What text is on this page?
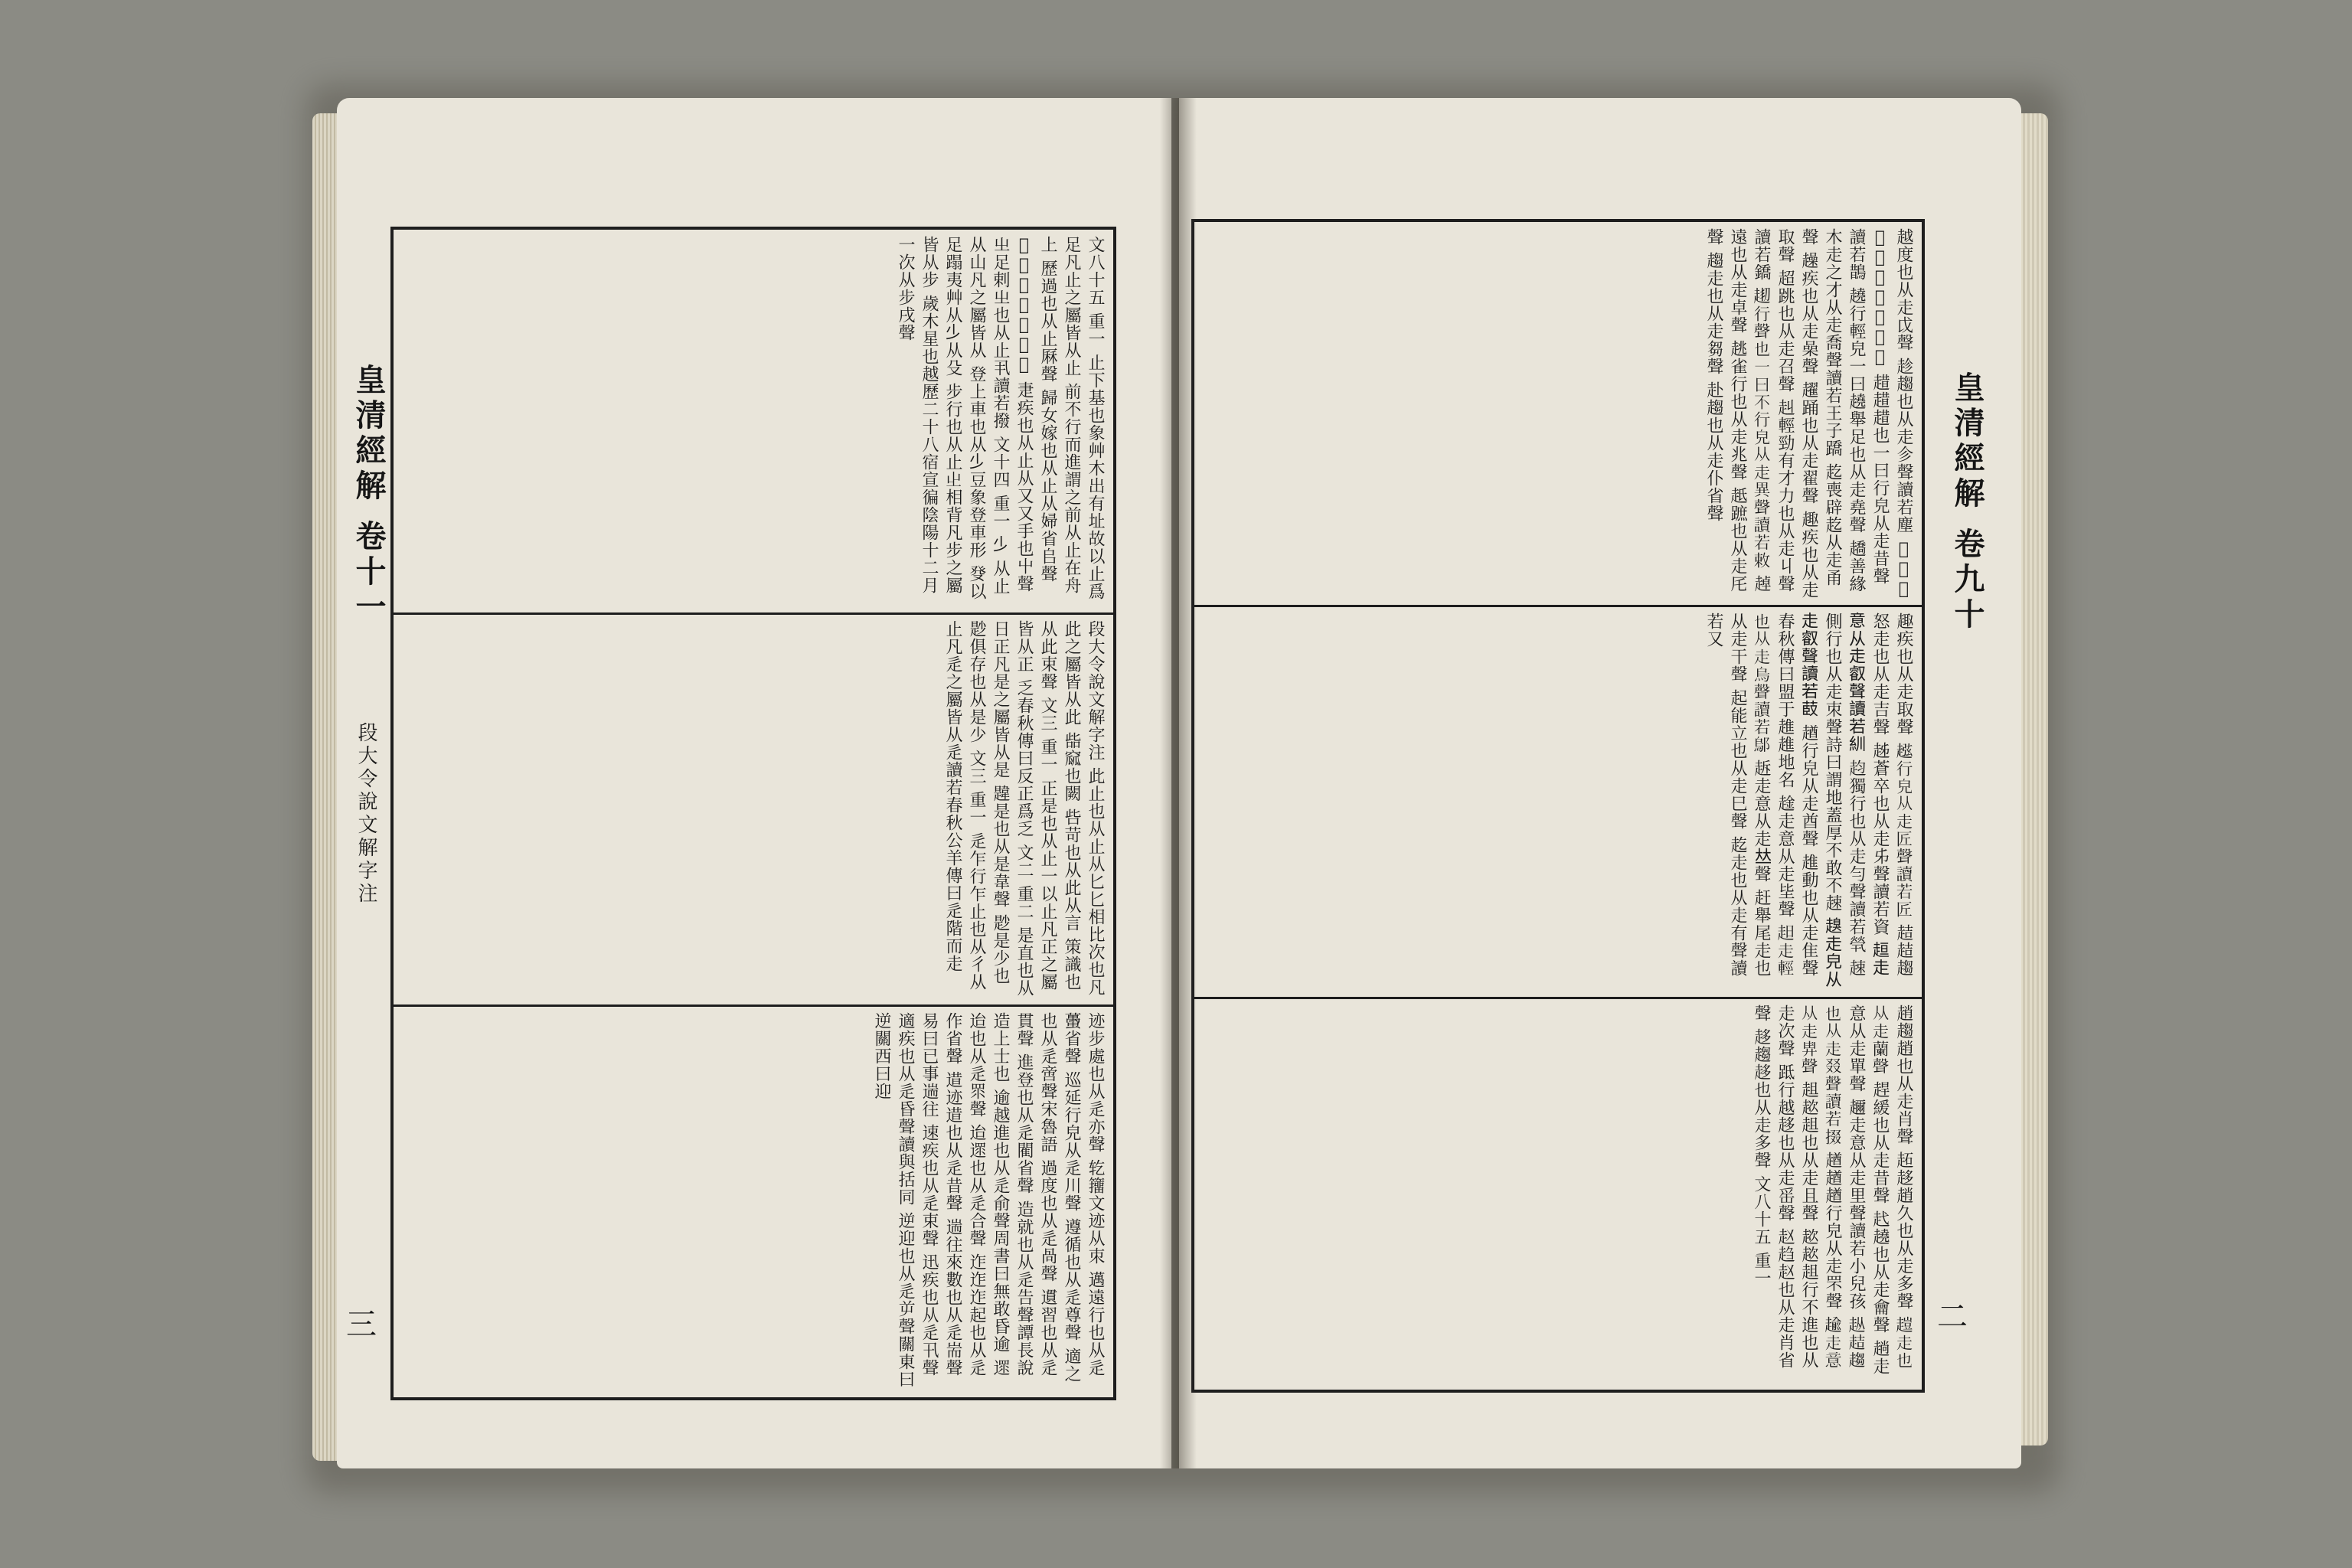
皇清經解 卷十一
段大令說文解字注
三
文八十五 重一 止下基也象艸木出有址故以止爲足凡止之屬皆从止 前不行而進謂之前从止在舟上 歷過也从止厤聲 歸女嫁也从止从婦省𠂤聲 𣥠不滑也从四止 疌疾也从止从又又手也屮聲 㞢足剌㞢也从止丮讀若撥 文十四 重一 𣥂 从止从山凡之屬皆从 登上車也从𣥂豆象登車形 癹以足蹋夷艸从𣥂从殳 步行也从止𡳿相背凡步之屬皆从步 歲木星也越歷二十八宿宣徧陰陽十二月一次从步戌聲
段大令說文解字注 此止也从止从匕匕相比次也凡此之屬皆从此 啙窳也闕 呰苛也从此从言 策識也从此束聲 文三 重一 正是也从止一以止凡正之屬皆从正 乏春秋傳曰反正爲乏 文二 重二 是直也从日正凡是之屬皆从是 韙是也从是韋聲 尟是少也尟俱存也从是少 文三 重一 辵乍行乍止也从彳从止凡辵之屬皆从辵讀若春秋公羊傳曰辵階而走
迹步處也从辵亦聲 䢀籒文迹从朿 邁遠行也从辵蠆省聲 巡延行皃从辵川聲 遵循也从辵尊聲 適之也从辵啻聲宋魯語 過度也从辵咼聲 遦習也从辵貫聲 進登也从辵閵省聲 造就也从辵告聲譚長說造上士也 逾越進也从辵俞聲周書曰無敢昏逾 遝迨也从辵眔聲 迨遝也从辵合聲 迮迮迮起也从辵作省聲 逪迹逪也从辵昔聲 遄往來數也从辵耑聲易曰已事遄往 速疾也从辵束聲 迅疾也从辵卂聲 適疾也从辵昏聲讀與括同 逆迎也从辵屰聲關東曰逆關西曰迎
皇清經解 卷九十
二
越度也从走戉聲 趁趨也从走㐱聲讀若塵 𧺛𧺛田易居也从走亘聲 趞趞趞也一曰行皃从走昔聲讀若鵲 趬行輕皃一曰趬舉足也从走堯聲 趫善緣木走之才从走喬聲讀若王子蹻 䞘喪辟䞘从走甬聲 趮疾也从走喿聲 趯踊也从走翟聲 趣疾也从走取聲 超跳也从走召聲 赳輕勁有才力也从走丩聲讀若鐈 𧻘行聲也一曰不行皃从走異聲讀若敕 趠遠也从走卓聲 趒雀行也从走兆聲 赿蹠也从走厇聲 趨走也从走芻聲 赴趨也从走仆省聲
趣疾也从走取聲 𧼏行皃从走匠聲讀若匠 趌趌趨怒走也从走吉聲 趀蒼卒也从走𠂔聲讀若資 𧻚走意从走叡聲讀若紃 赹獨行也从走勻聲讀若煢 趚側行也从走朿聲詩曰謂地蓋厚不敢不趚 𧽒走皃从走叡聲讀若菣 趥行皃从走酋聲 趡動也从走隹聲春秋傳曰盟于趡趡地名 趛走意从走坒聲 𧺝走輕也从走烏聲讀若鄔 䞣走意从走𠀤聲 赶舉尾走也从走干聲 起能立也从走巳聲 䞘走也从走有聲讀若又
趙趨趙也从走肖聲 䞠趍趙久也从走多聲 𧽊走也从走蘭聲 趕緩也从走昔聲 䞖趬也从走龠聲 趟走意从走單聲 趰走意从走里聲讀若小兒孩 𧺣趌趨也从走叕聲讀若掇 趥趥趥行皃从走罘聲 𧼯走意从走𢍁聲 趄趑趄也从走且聲 趑趑趄行不進也从走次聲 䟡行越趍也从走䍃聲 赵趋赵也从走肖省聲 趍趨趍也从走多聲 文八十五 重一
